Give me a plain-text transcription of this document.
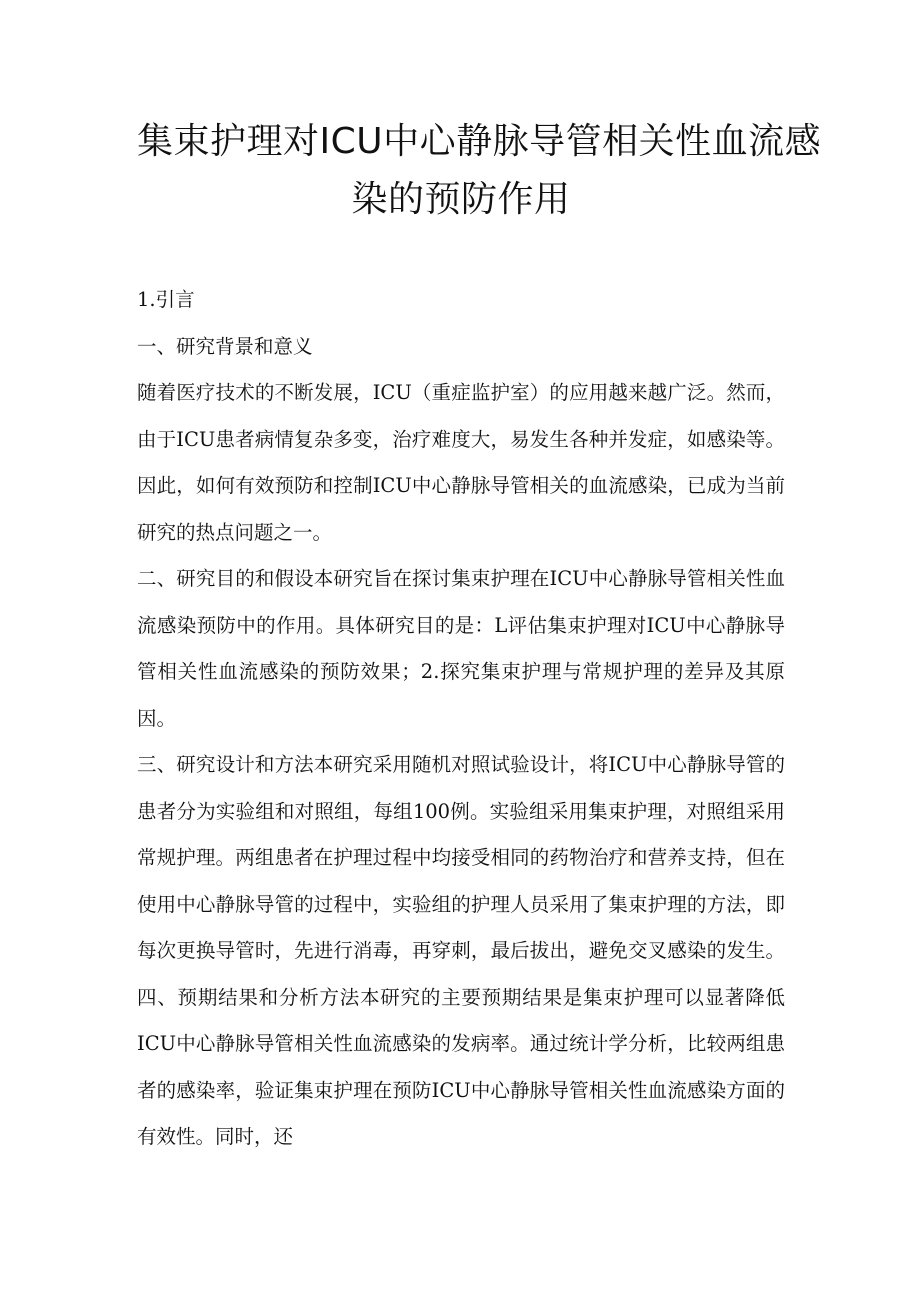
集束护理对ICU中心静脉导管相关性血流感
染的预防作用

1.引言

一、研究背景和意义

随着医疗技术的不断发展，ICU（重症监护室）的应用越来越广泛。然而，由于ICU患者病情复杂多变，治疗难度大，易发生各种并发症，如感染等。因此，如何有效预防和控制ICU中心静脉导管相关的血流感染，已成为当前研究的热点问题之一。

二、研究目的和假设本研究旨在探讨集束护理在ICU中心静脉导管相关性血流感染预防中的作用。具体研究目的是：L评估集束护理对ICU中心静脉导管相关性血流感染的预防效果；2.探究集束护理与常规护理的差异及其原因。

三、研究设计和方法本研究采用随机对照试验设计，将ICU中心静脉导管的患者分为实验组和对照组，每组100例。实验组采用集束护理，对照组采用常规护理。两组患者在护理过程中均接受相同的药物治疗和营养支持，但在使用中心静脉导管的过程中，实验组的护理人员采用了集束护理的方法，即每次更换导管时，先进行消毒，再穿刺，最后拔出，避免交叉感染的发生。四、预期结果和分析方法本研究的主要预期结果是集束护理可以显著降低ICU中心静脉导管相关性血流感染的发病率。通过统计学分析，比较两组患者的感染率，验证集束护理在预防ICU中心静脉导管相关性血流感染方面的有效性。同时，还
